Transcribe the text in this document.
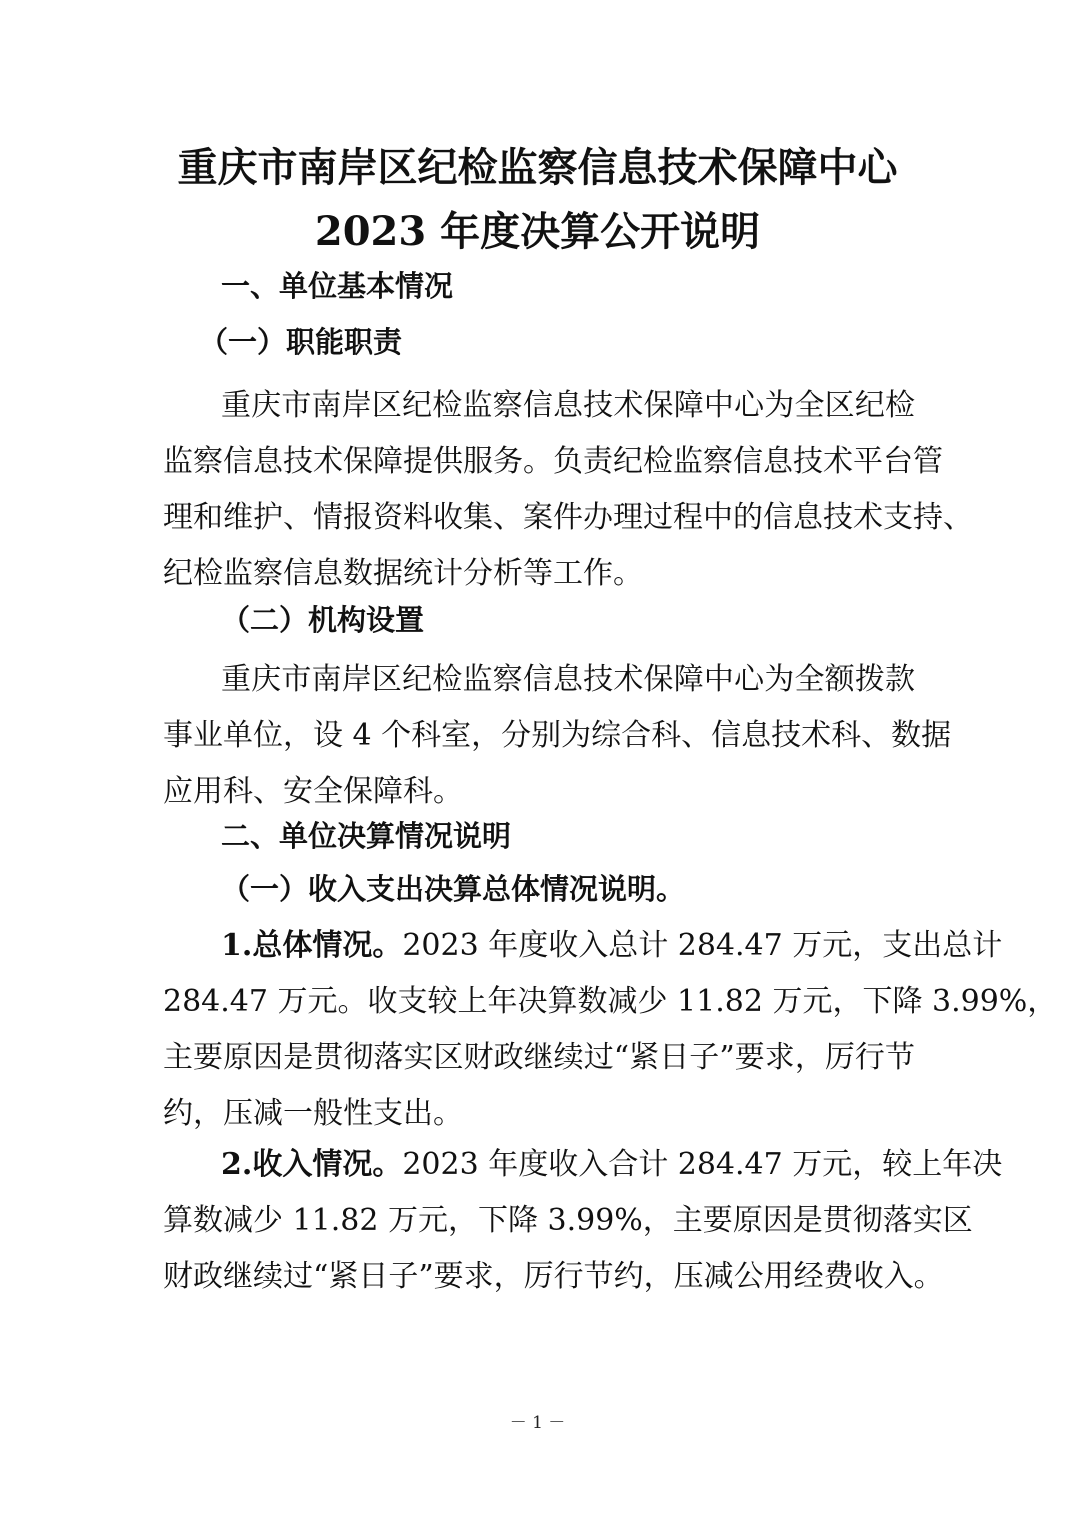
重庆市南岸区纪检监察信息技术保障中心
2023 年度决算公开说明
一、单位基本情况
（一）职能职责
重庆市南岸区纪检监察信息技术保障中心为全区纪检
监察信息技术保障提供服务。负责纪检监察信息技术平台管
理和维护、情报资料收集、案件办理过程中的信息技术支持、
纪检监察信息数据统计分析等工作。
（二）机构设置
重庆市南岸区纪检监察信息技术保障中心为全额拨款
事业单位，设 4 个科室，分别为综合科、信息技术科、数据
应用科、安全保障科。
二、单位决算情况说明
（一）收入支出决算总体情况说明。
1.总体情况。2023 年度收入总计 284.47 万元，支出总计
284.47 万元。收支较上年决算数减少 11.82 万元，下降 3.99%，
主要原因是贯彻落实区财政继续过“紧日子”要求，厉行节
约，压减一般性支出。
2.收入情况。2023 年度收入合计 284.47 万元，较上年决
算数减少 11.82 万元，下降 3.99%，主要原因是贯彻落实区
财政继续过“紧日子”要求，厉行节约，压减公用经费收入。
－ 1 －
